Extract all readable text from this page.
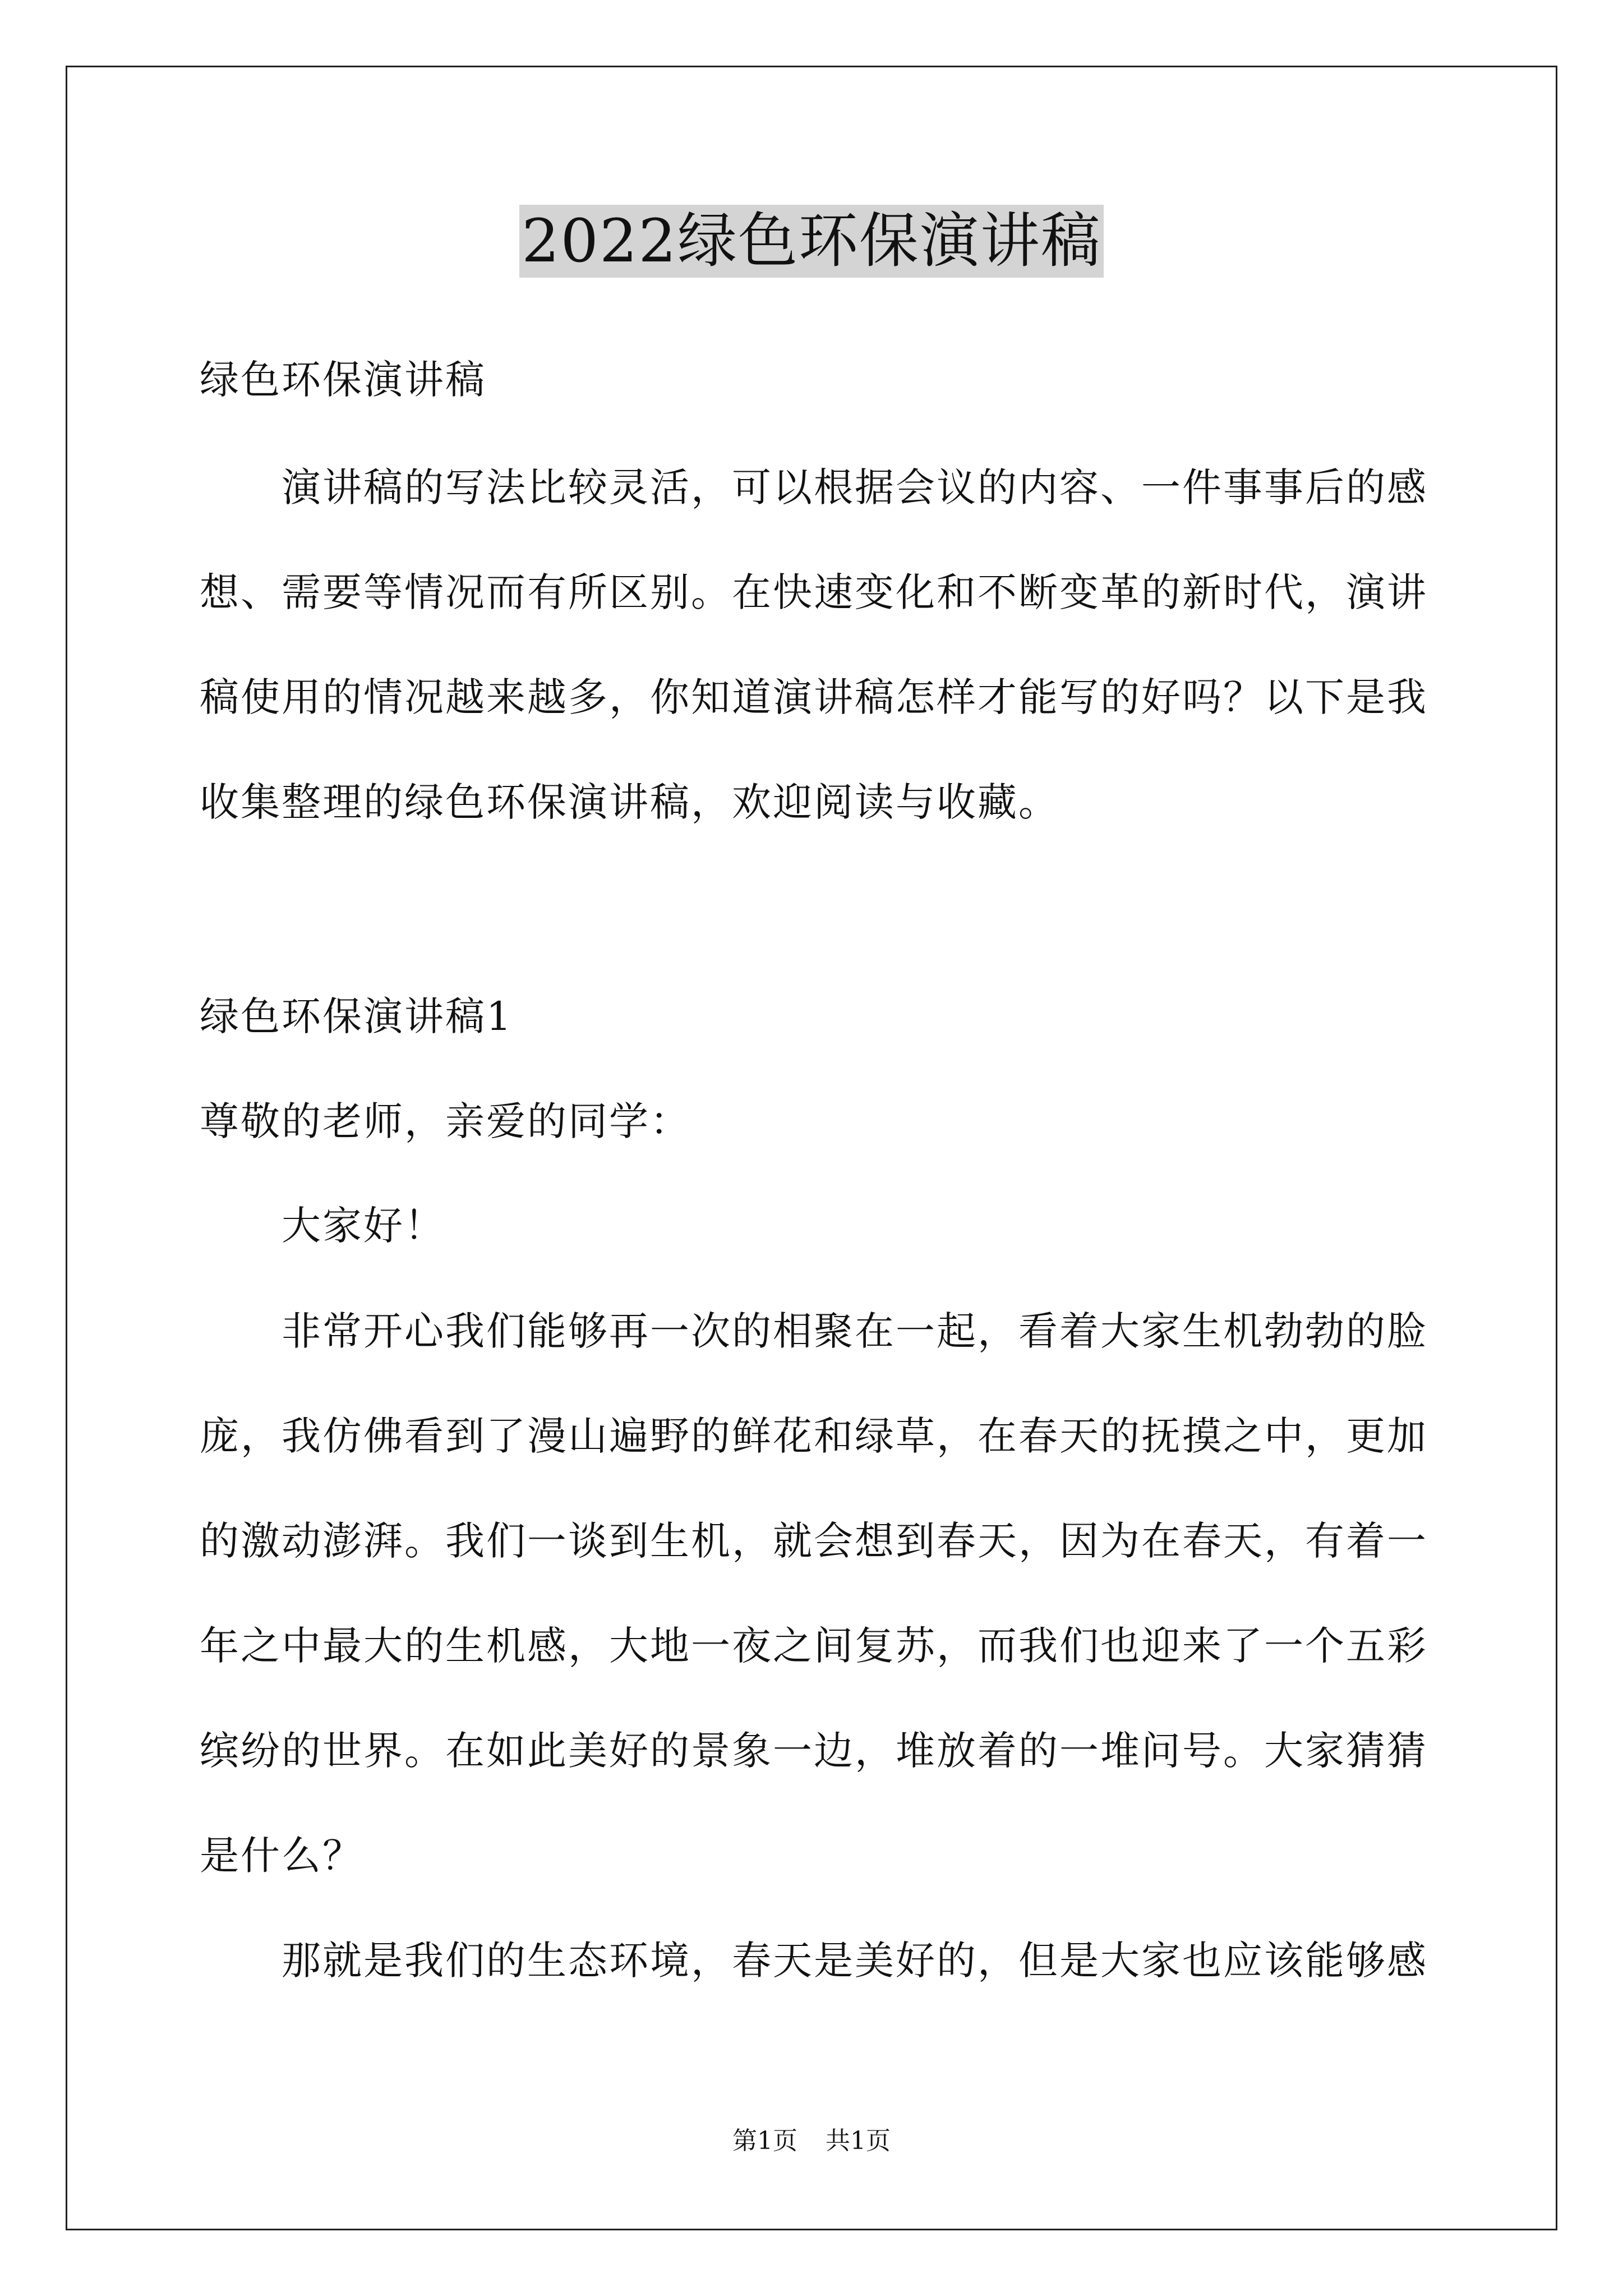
2022绿色环保演讲稿
绿色环保演讲稿
演讲稿的写法比较灵活，可以根据会议的内容、一件事事后的感
想、需要等情况而有所区别。在快速变化和不断变革的新时代，演讲
稿使用的情况越来越多，你知道演讲稿怎样才能写的好吗？以下是我
收集整理的绿色环保演讲稿，欢迎阅读与收藏。
绿色环保演讲稿1
尊敬的老师，亲爱的同学：
大家好！
非常开心我们能够再一次的相聚在一起，看着大家生机勃勃的脸
庞，我仿佛看到了漫山遍野的鲜花和绿草，在春天的抚摸之中，更加
的激动澎湃。我们一谈到生机，就会想到春天，因为在春天，有着一
年之中最大的生机感，大地一夜之间复苏，而我们也迎来了一个五彩
缤纷的世界。在如此美好的景象一边，堆放着的一堆问号。大家猜猜
是什么？
那就是我们的生态环境，春天是美好的，但是大家也应该能够感
第1页 共1页
